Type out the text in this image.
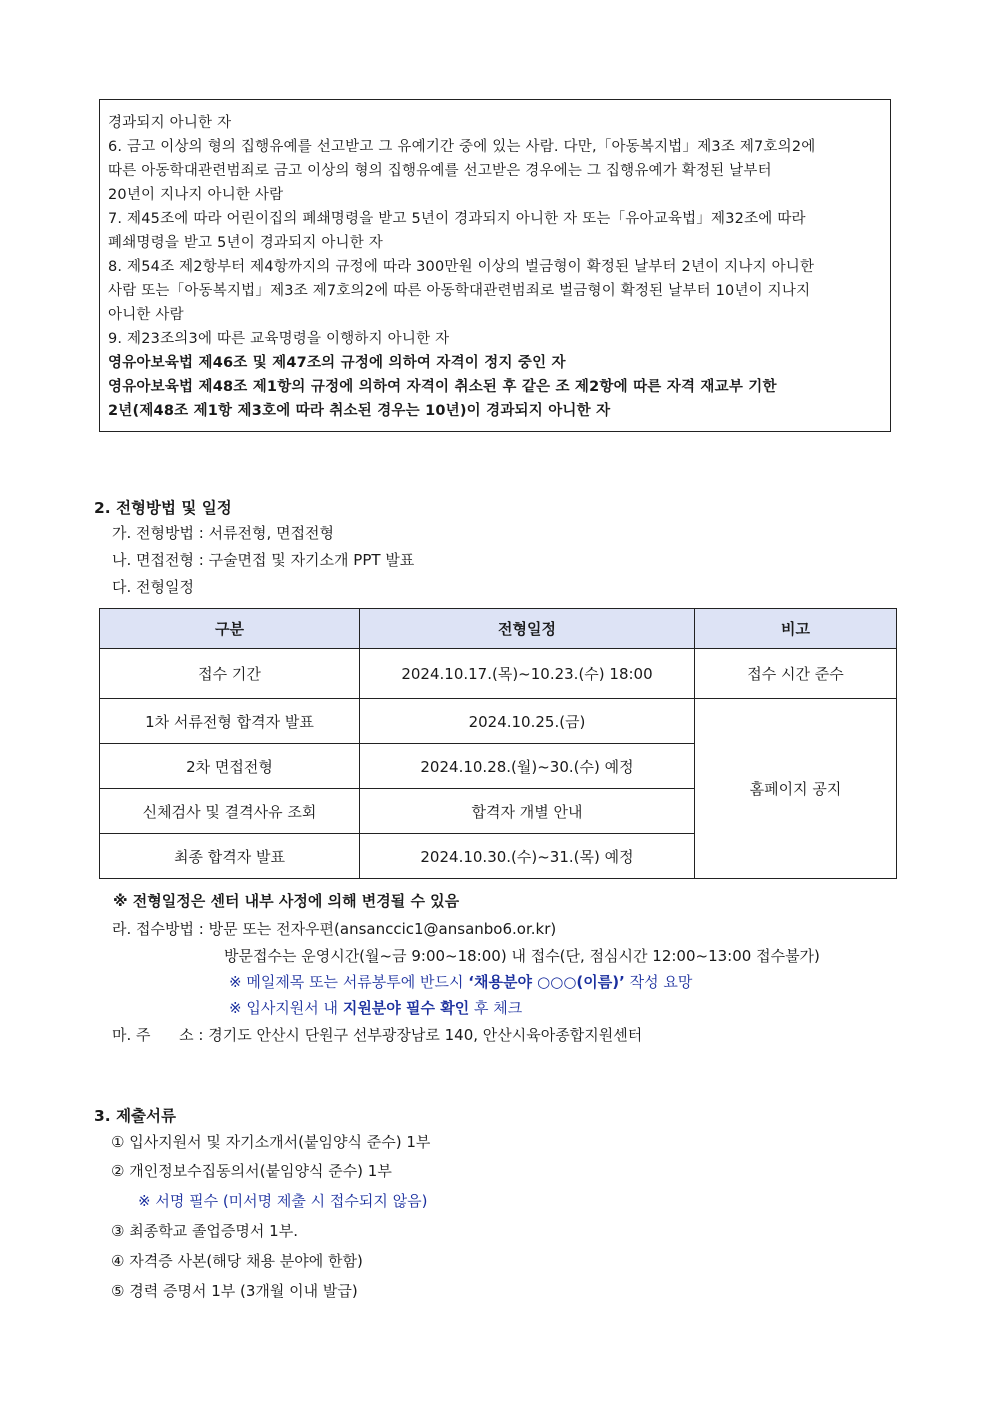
경과되지 아니한 자
6. 금고 이상의 형의 집행유예를 선고받고 그 유예기간 중에 있는 사람. 다만,「아동복지법」제3조 제7호의2에
따른 아동학대관련범죄로 금고 이상의 형의 집행유예를 선고받은 경우에는 그 집행유예가 확정된 날부터
20년이 지나지 아니한 사람
7. 제45조에 따라 어린이집의 폐쇄명령을 받고 5년이 경과되지 아니한 자 또는「유아교육법」제32조에 따라
폐쇄명령을 받고 5년이 경과되지 아니한 자
8. 제54조 제2항부터 제4항까지의 규정에 따라 300만원 이상의 벌금형이 확정된 날부터 2년이 지나지 아니한
사람 또는「아동복지법」제3조 제7호의2에 따른 아동학대관련범죄로 벌금형이 확정된 날부터 10년이 지나지
아니한 사람
9. 제23조의3에 따른 교육명령을 이행하지 아니한 자
영유아보육법 제46조 및 제47조의 규정에 의하여 자격이 정지 중인 자
영유아보육법 제48조 제1항의 규정에 의하여 자격이 취소된 후 같은 조 제2항에 따른 자격 재교부 기한
2년(제48조 제1항 제3호에 따라 취소된 경우는 10년)이 경과되지 아니한 자
2. 전형방법 및 일정
가. 전형방법 : 서류전형, 면접전형
나. 면접전형 : 구술면접 및 자기소개 PPT 발표
다. 전형일정
구분	전형일정	비고
접수 기간	2024.10.17.(목)~10.23.(수) 18:00	접수 시간 준수
1차 서류전형 합격자 발표	2024.10.25.(금)	홈페이지 공지
2차 면접전형	2024.10.28.(월)~30.(수) 예정	
신체검사 및 결격사유 조회	합격자 개별 안내	
최종 합격자 발표	2024.10.30.(수)~31.(목) 예정	
※ 전형일정은 센터 내부 사정에 의해 변경될 수 있음
라. 접수방법 : 방문 또는 전자우편(ansanccic1@ansanbo6.or.kr)
방문접수는 운영시간(월~금 9:00~18:00) 내 접수(단, 점심시간 12:00~13:00 접수불가)
※ 메일제목 또는 서류봉투에 반드시 ‘채용분야 ○○○(이름)’ 작성 요망
※ 입사지원서 내 지원분야 필수 확인 후 체크
마. 주      소 : 경기도 안산시 단원구 선부광장남로 140, 안산시육아종합지원센터
3. 제출서류
① 입사지원서 및 자기소개서(붙임양식 준수) 1부
② 개인정보수집동의서(붙임양식 준수) 1부
※ 서명 필수 (미서명 제출 시 접수되지 않음)
③ 최종학교 졸업증명서 1부.
④ 자격증 사본(해당 채용 분야에 한함)
⑤ 경력 증명서 1부 (3개월 이내 발급)
